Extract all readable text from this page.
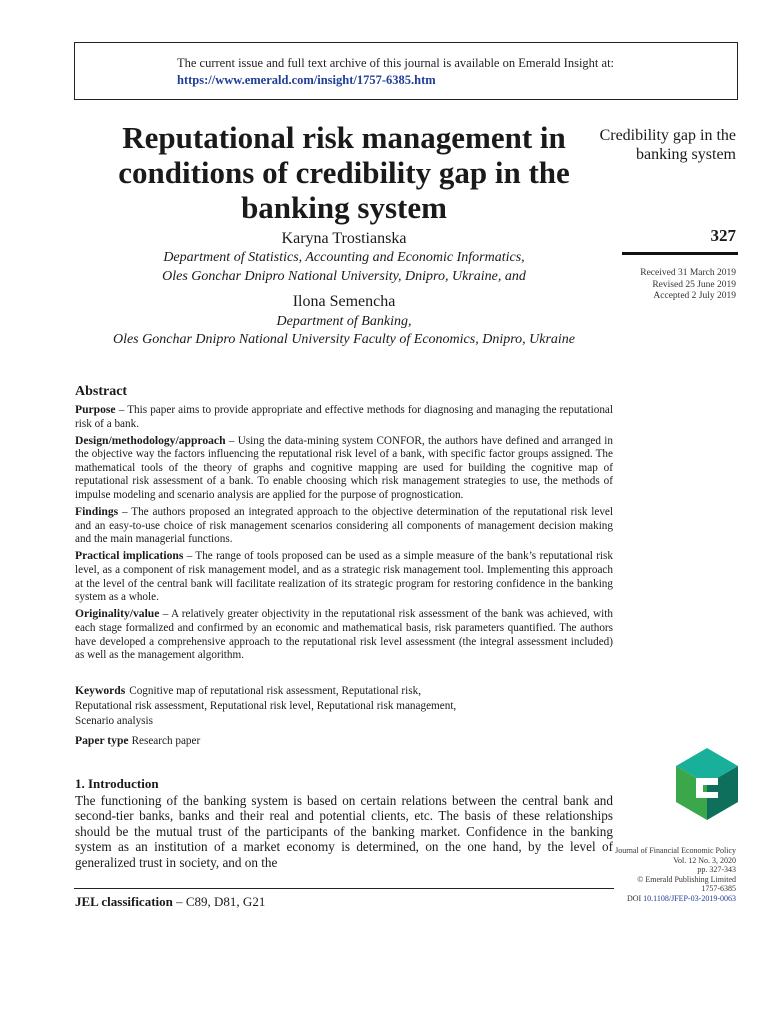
The current issue and full text archive of this journal is available on Emerald Insight at:
https://www.emerald.com/insight/1757-6385.htm
Reputational risk management in conditions of credibility gap in the banking system
Credibility gap in the banking system
327
Received 31 March 2019
Revised 25 June 2019
Accepted 2 July 2019
Karyna Trostianska
Department of Statistics, Accounting and Economic Informatics,
Oles Gonchar Dnipro National University, Dnipro, Ukraine, and
Ilona Semencha
Department of Banking,
Oles Gonchar Dnipro National University Faculty of Economics, Dnipro, Ukraine
Abstract

Purpose – This paper aims to provide appropriate and effective methods for diagnosing and managing the reputational risk of a bank.

Design/methodology/approach – Using the data-mining system CONFOR, the authors have defined and arranged in the objective way the factors influencing the reputational risk level of a bank, with specific factor groups assigned. The mathematical tools of the theory of graphs and cognitive mapping are used for building the cognitive map of reputational risk assessment of a bank. To enable choosing which risk management strategies to use, the methods of impulse modeling and scenario analysis are applied for the purpose of prognostication.

Findings – The authors proposed an integrated approach to the objective determination of the reputational risk level and an easy-to-use choice of risk management scenarios considering all components of management decision making and the main managerial functions.

Practical implications – The range of tools proposed can be used as a simple measure of the bank’s reputational risk level, as a component of risk management model, and as a strategic risk management tool. Implementing this approach at the level of the central bank will facilitate realization of its strategic program for restoring confidence in the banking system as a whole.

Originality/value – A relatively greater objectivity in the reputational risk assessment of the bank was achieved, with each stage formalized and confirmed by an economic and mathematical basis, risk parameters quantified. The authors have developed a comprehensive approach to the reputational risk level assessment (the integral assessment included) as well as the management algorithm.

Keywords Cognitive map of reputational risk assessment, Reputational risk,
Reputational risk assessment, Reputational risk level, Reputational risk management,
Scenario analysis
Paper type Research paper
1. Introduction

The functioning of the banking system is based on certain relations between the central bank and second-tier banks, banks and their real and potential clients, etc. The basis of these relationships should be the mutual trust of the participants of the banking market. Confidence in the banking system as an institution of a market economy is determined, on the one hand, by the level of generalized trust in society, and on the

JEL classification – C89, D81, G21
Journal of Financial Economic Policy
Vol. 12 No. 3, 2020
pp. 327-343
© Emerald Publishing Limited
1757-6385
DOI 10.1108/JFEP-03-2019-0063
